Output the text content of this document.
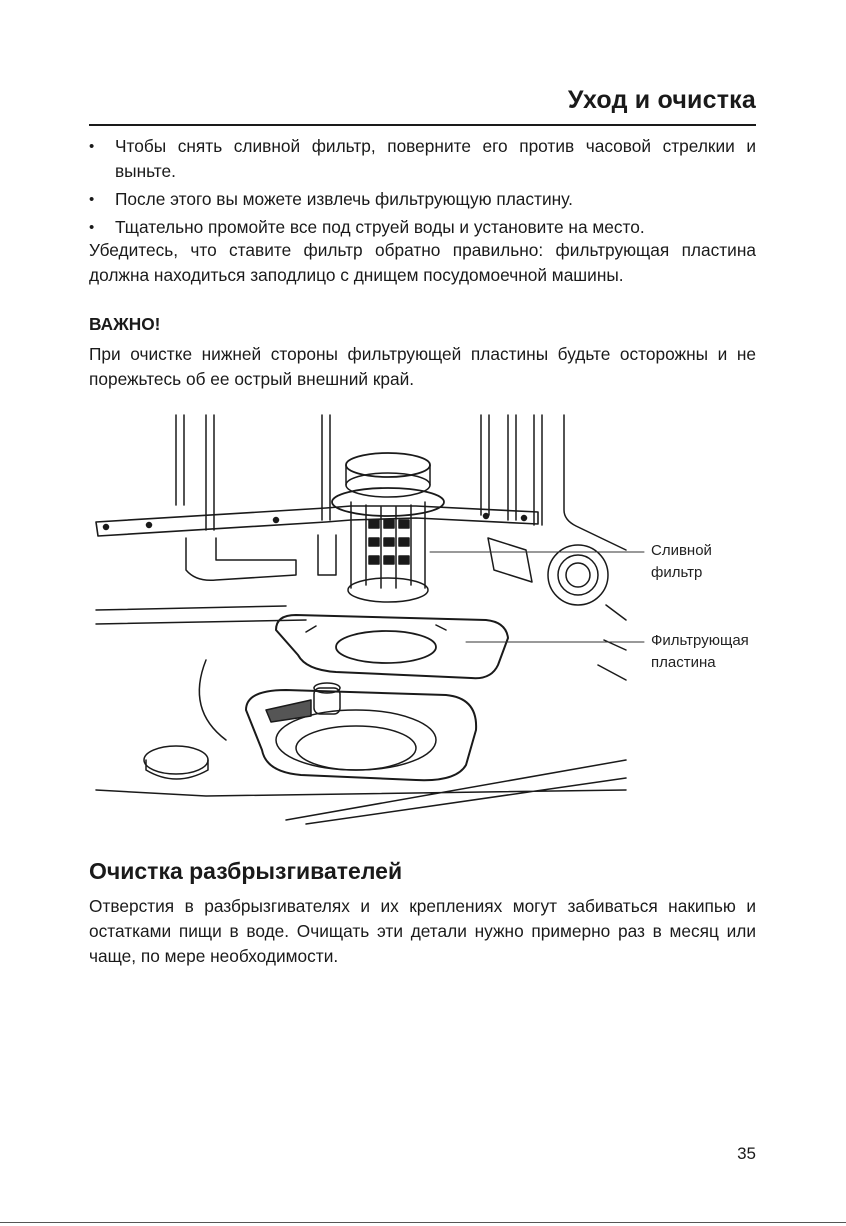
Уход и очистка
• Чтобы снять сливной фильтр, поверните его против часовой стрелкии и выньте.
• После этого вы можете извлечь фильтрующую пластину.
• Тщательно промойте все под струей воды и установите на место.
Убедитесь, что ставите фильтр обратно правильно: фильтрующая пластина должна находиться заподлицо с днищем посудомоечной машины.
ВАЖНО!
При очистке нижней стороны фильтрующей пластины будьте осторожны и не порежьтесь об ее острый внешний край.
Сливной
фильтр
Фильтрующая
пластина
Очистка разбрызгивателей
Отверстия в разбрызгивателях и их креплениях могут забиваться накипью и остатками пищи в воде. Очищать эти детали нужно примерно раз в месяц или чаще, по мере необходимости.
35
